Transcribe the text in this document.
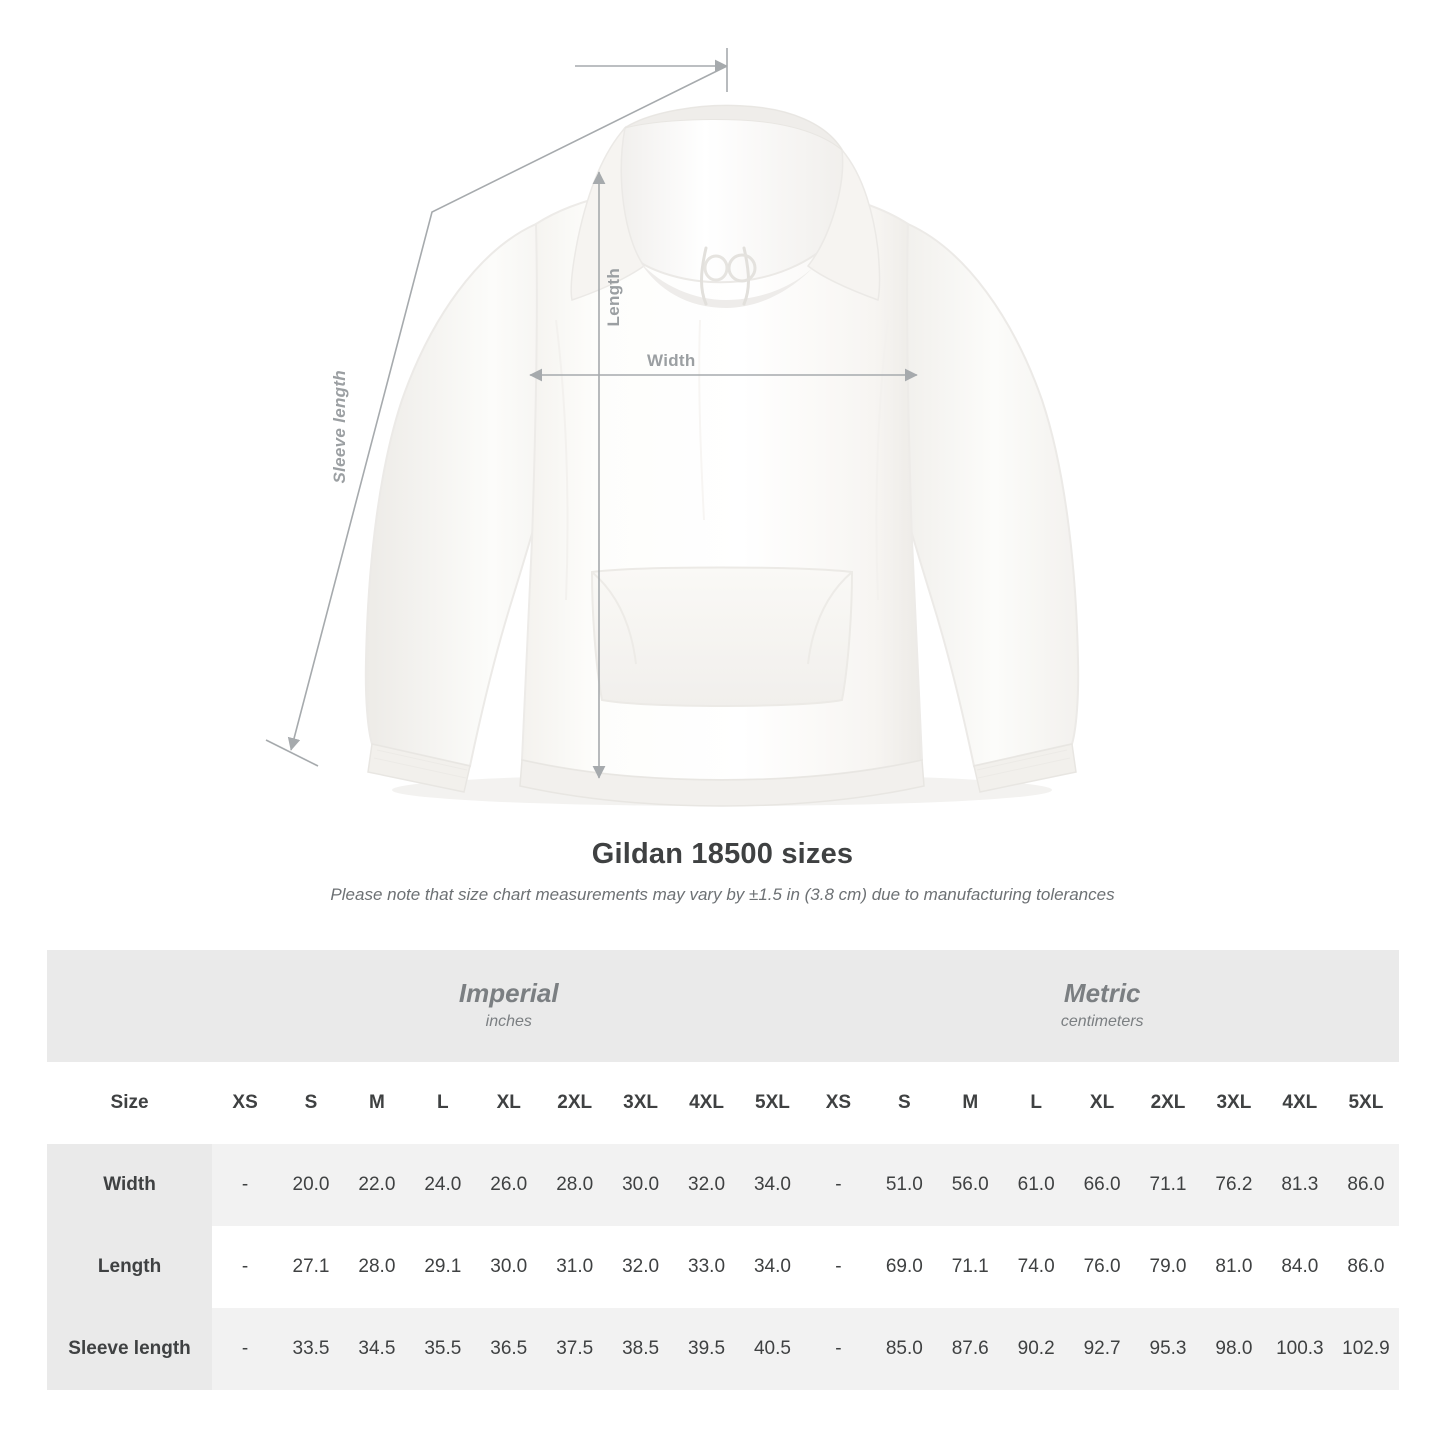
Length
Width
Sleeve length
Gildan 18500 sizes

Please note that size chart measurements may vary by ±1.5 in (3.8 cm) due to manufacturing tolerances

Imperial
inches

Metric
centimeters

Size	XS	S	M	L	XL	2XL	3XL	4XL	5XL	XS	S	M	L	XL	2XL	3XL	4XL	5XL
Width	-	20.0	22.0	24.0	26.0	28.0	30.0	32.0	34.0	-	51.0	56.0	61.0	66.0	71.1	76.2	81.3	86.0
Length	-	27.1	28.0	29.1	30.0	31.0	32.0	33.0	34.0	-	69.0	71.1	74.0	76.0	79.0	81.0	84.0	86.0
Sleeve length	-	33.5	34.5	35.5	36.5	37.5	38.5	39.5	40.5	-	85.0	87.6	90.2	92.7	95.3	98.0	100.3	102.9
